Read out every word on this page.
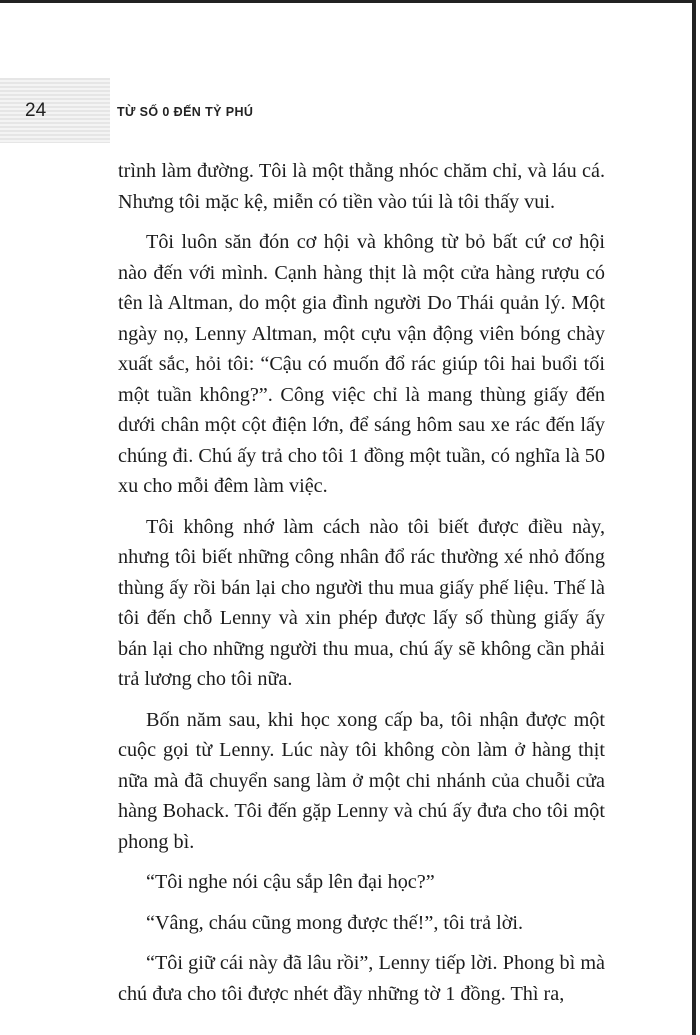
24	TỪ SỐ 0 ĐẾN TỶ PHÚ

trình làm đường. Tôi là một thằng nhóc chăm chỉ, và láu cá. Nhưng tôi mặc kệ, miễn có tiền vào túi là tôi thấy vui.

Tôi luôn săn đón cơ hội và không từ bỏ bất cứ cơ hội nào đến với mình. Cạnh hàng thịt là một cửa hàng rượu có tên là Altman, do một gia đình người Do Thái quản lý. Một ngày nọ, Lenny Altman, một cựu vận động viên bóng chày xuất sắc, hỏi tôi: “Cậu có muốn đổ rác giúp tôi hai buổi tối một tuần không?”. Công việc chỉ là mang thùng giấy đến dưới chân một cột điện lớn, để sáng hôm sau xe rác đến lấy chúng đi. Chú ấy trả cho tôi 1 đồng một tuần, có nghĩa là 50 xu cho mỗi đêm làm việc.

Tôi không nhớ làm cách nào tôi biết được điều này, nhưng tôi biết những công nhân đổ rác thường xé nhỏ đống thùng ấy rồi bán lại cho người thu mua giấy phế liệu. Thế là tôi đến chỗ Lenny và xin phép được lấy số thùng giấy ấy bán lại cho những người thu mua, chú ấy sẽ không cần phải trả lương cho tôi nữa.

Bốn năm sau, khi học xong cấp ba, tôi nhận được một cuộc gọi từ Lenny. Lúc này tôi không còn làm ở hàng thịt nữa mà đã chuyển sang làm ở một chi nhánh của chuỗi cửa hàng Bohack. Tôi đến gặp Lenny và chú ấy đưa cho tôi một phong bì.

“Tôi nghe nói cậu sắp lên đại học?”

“Vâng, cháu cũng mong được thế!”, tôi trả lời.

“Tôi giữ cái này đã lâu rồi”, Lenny tiếp lời. Phong bì mà chú đưa cho tôi được nhét đầy những tờ 1 đồng. Thì ra,
